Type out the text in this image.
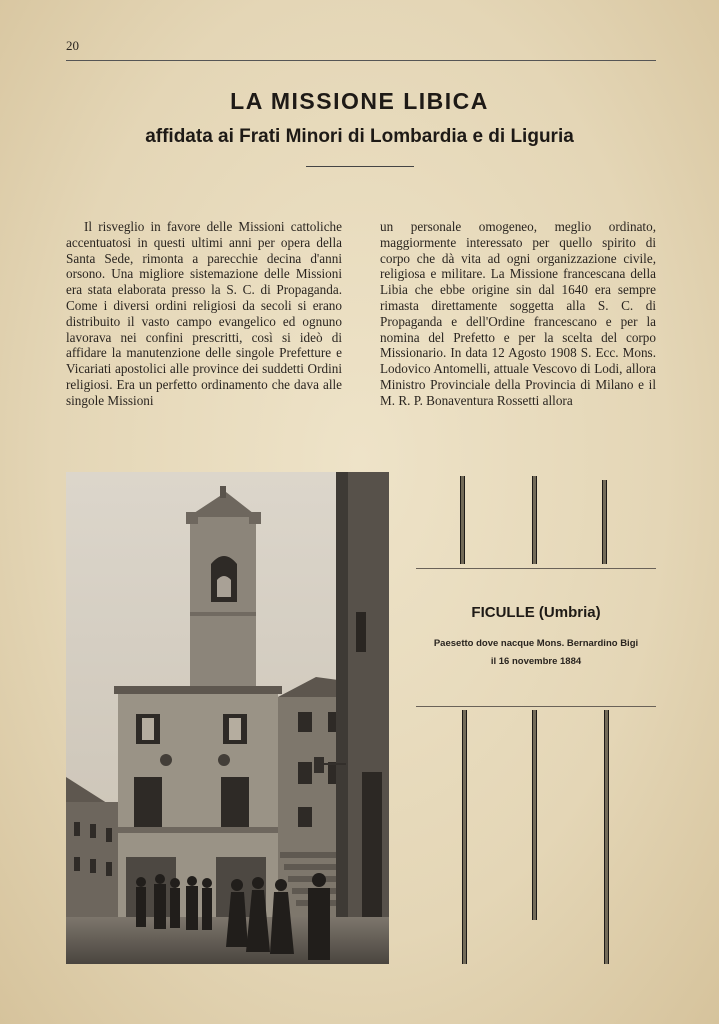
20
LA MISSIONE LIBICA
affidata ai Frati Minori di Lombardia e di Liguria
Il risveglio in favore delle Missioni cattoliche accentuatosi in questi ultimi anni per opera della Santa Sede, rimonta a parecchie decina d'anni orsono. Una migliore sistemazione delle Missioni era stata elaborata presso la S. C. di Propaganda. Come i diversi ordini religiosi da secoli si erano distribuito il vasto campo evangelico ed ognuno lavorava nei confini prescritti, così si ideò di affidare la manutenzione delle singole Prefetture e Vicariati apostolici alle province dei suddetti Ordini religiosi. Era un perfetto ordinamento che dava alle singole Missioni
un personale omogeneo, meglio ordinato, maggiormente interessato per quello spirito di corpo che dà vita ad ogni organizzazione civile, religiosa e militare. La Missione francescana della Libia che ebbe origine sin dal 1640 era sempre rimasta direttamente soggetta alla S. C. di Propaganda e dell'Ordine francescano e per la nomina del Prefetto e per la scelta del corpo Missionario. In data 12 Agosto 1908 S. Ecc. Mons. Lodovico Antomelli, attuale Vescovo di Lodi, allora Ministro Provinciale della Provincia di Milano e il M. R. P. Bonaventura Rossetti allora
FICULLE (Umbria)
Paesetto dove nacque Mons. Bernardino Bigi
il 16 novembre 1884
